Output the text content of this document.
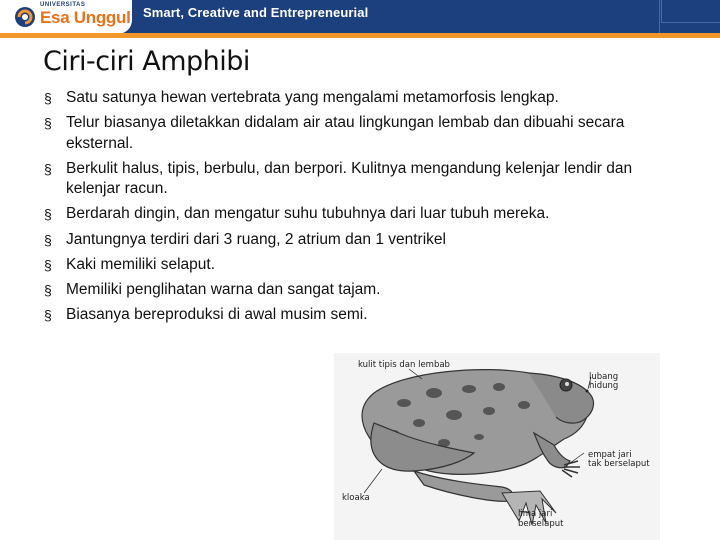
UNIVERSITAS
Esa Unggul Smart, Creative and Entrepreneurial
Ciri-ciri Amphibi
§ Satu satunya hewan vertebrata yang mengalami metamorfosis lengkap.
§ Telur biasanya diletakkan didalam air atau lingkungan lembab dan dibuahi secara eksternal.
§ Berkulit halus, tipis, berbulu, dan berpori. Kulitnya mengandung kelenjar lendir dan kelenjar racun.
§ Berdarah dingin, dan mengatur suhu tubuhnya dari luar tubuh mereka.
§ Jantungnya terdiri dari 3 ruang, 2 atrium dan 1 ventrikel
§ Kaki memiliki selaput.
§ Memiliki penglihatan warna dan sangat tajam.
§ Biasanya bereproduksi di awal musim semi.
kulit tipis dan lembab
lubang
hidung
empat jari
tak berselaput
kloaka
lima jari
berselaput
